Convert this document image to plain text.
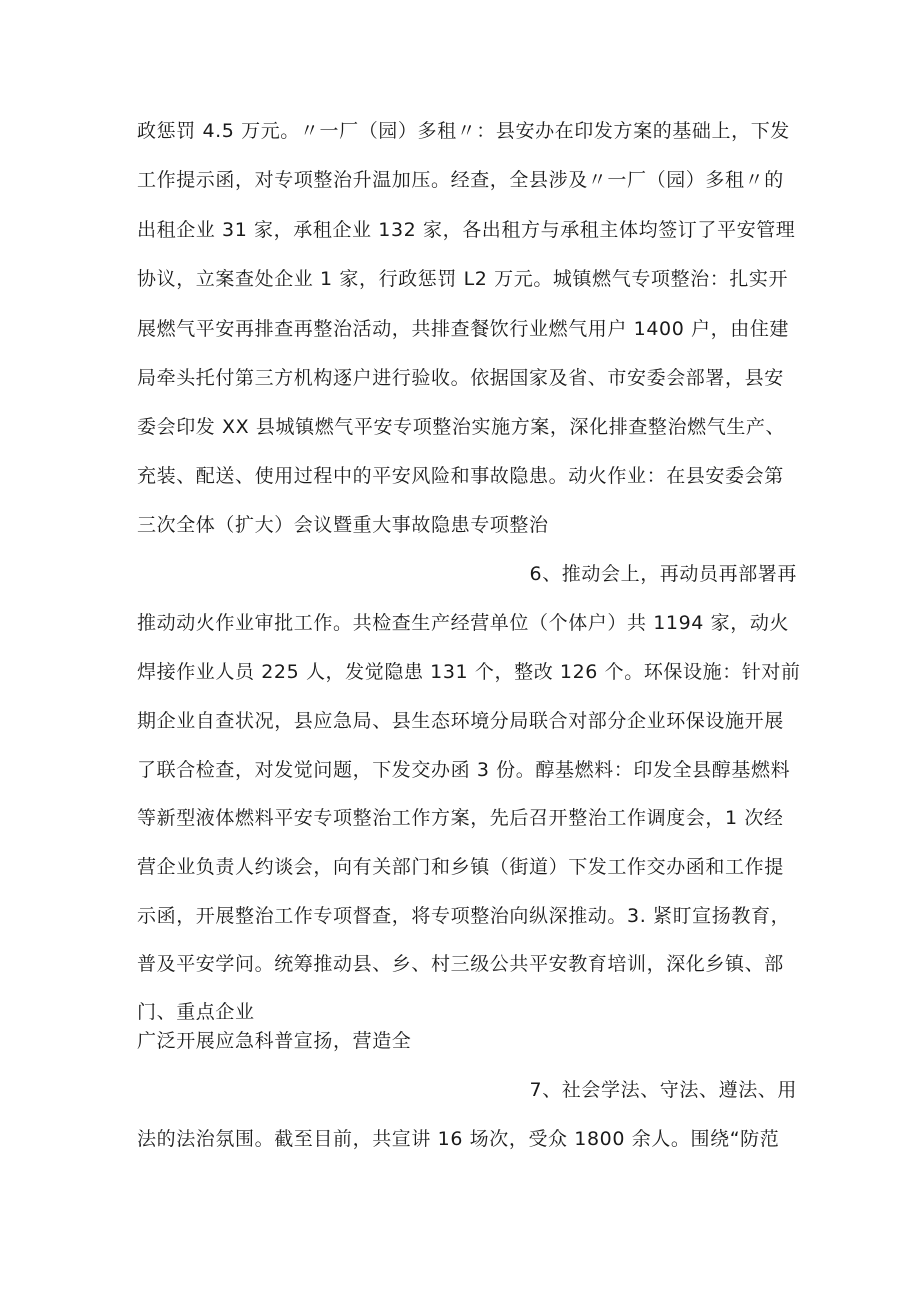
政惩罚 4.5 万元。〃一厂（园）多租〃：县安办在印发方案的基础上，下发
工作提示函，对专项整治升温加压。经查，全县涉及〃一厂（园）多租〃的
出租企业 31 家，承租企业 132 家，各出租方与承租主体均签订了平安管理
协议，立案查处企业 1 家，行政惩罚 L2 万元。城镇燃气专项整治：扎实开
展燃气平安再排查再整治活动，共排查餐饮行业燃气用户 1400 户，由住建
局牵头托付第三方机构逐户进行验收。依据国家及省、市安委会部署，县安
委会印发 XX 县城镇燃气平安专项整治实施方案，深化排查整治燃气生产、
充装、配送、使用过程中的平安风险和事故隐患。动火作业：在县安委会第
三次全体（扩大）会议暨重大事故隐患专项整治
6、推动会上，再动员再部署再
推动动火作业审批工作。共检查生产经营单位（个体户）共 1194 家，动火
焊接作业人员 225 人，发觉隐患 131 个，整改 126 个。环保设施：针对前
期企业自查状况，县应急局、县生态环境分局联合对部分企业环保设施开展
了联合检查，对发觉问题，下发交办函 3 份。醇基燃料：印发全县醇基燃料
等新型液体燃料平安专项整治工作方案，先后召开整治工作调度会，1 次经
营企业负责人约谈会，向有关部门和乡镇（街道）下发工作交办函和工作提
示函，开展整治工作专项督查，将专项整治向纵深推动。3. 紧盯宣扬教育，
普及平安学问。统筹推动县、乡、村三级公共平安教育培训，深化乡镇、部
门、重点企业
广泛开展应急科普宣扬，营造全
7、社会学法、守法、遵法、用
法的法治氛围。截至目前，共宣讲 16 场次，受众 1800 余人。围绕“防范
